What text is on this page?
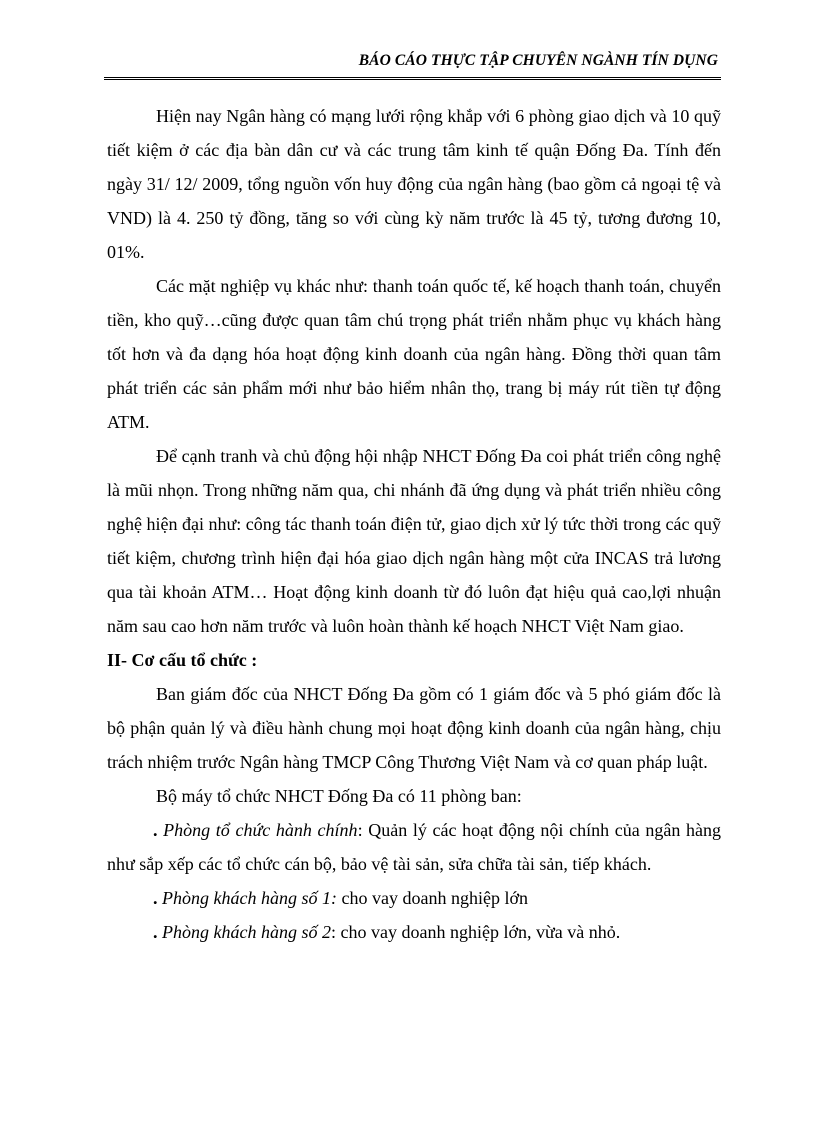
BÁO CÁO THỰC TẬP CHUYÊN NGÀNH TÍN DỤNG

Hiện nay Ngân hàng có mạng lưới rộng khắp với 6 phòng giao dịch và 10 quỹ tiết kiệm ở các địa bàn dân cư và các trung tâm kinh tế quận Đống Đa. Tính đến ngày 31/ 12/ 2009, tổng nguồn vốn huy động của ngân hàng (bao gồm cả ngoại tệ và VND) là 4. 250 tỷ đồng, tăng so với cùng kỳ năm trước là 45 tỷ, tương đương 10, 01%.

Các mặt nghiệp vụ khác như: thanh toán quốc tế, kế hoạch thanh toán, chuyển tiền, kho quỹ…cũng được quan tâm chú trọng phát triển nhằm phục vụ khách hàng tốt hơn và đa dạng hóa hoạt động kinh doanh của ngân hàng. Đồng thời quan tâm phát triển các sản phẩm mới như bảo hiểm nhân thọ, trang bị máy rút tiền tự động ATM.

Để cạnh tranh và chủ động hội nhập NHCT Đống Đa coi phát triển công nghệ là mũi nhọn. Trong những năm qua, chi nhánh đã ứng dụng và phát triển nhiều công nghệ hiện đại như: công tác thanh toán điện tử, giao dịch xử lý tức thời trong các quỹ tiết kiệm, chương trình hiện đại hóa giao dịch ngân hàng một cửa INCAS trả lương qua tài khoản ATM… Hoạt động kinh doanh từ đó luôn đạt hiệu quả cao,lợi nhuận năm sau cao hơn năm trước và luôn hoàn thành kế hoạch NHCT Việt Nam giao.

II- Cơ cấu tổ chức :

Ban giám đốc của NHCT Đống Đa gồm có 1 giám đốc và 5 phó giám đốc là bộ phận quản lý và điều hành chung mọi hoạt động kinh doanh của ngân hàng, chịu trách nhiệm trước Ngân hàng TMCP Công Thương Việt Nam và cơ quan pháp luật.

Bộ máy tổ chức NHCT Đống Đa có 11 phòng ban:

. Phòng tổ chức hành chính: Quản lý các hoạt động nội chính của ngân hàng như sắp xếp các tổ chức cán bộ, bảo vệ tài sản, sửa chữa tài sản, tiếp khách.

. Phòng khách hàng số 1: cho vay doanh nghiệp lớn

. Phòng khách hàng số 2: cho vay doanh nghiệp lớn, vừa và nhỏ.
